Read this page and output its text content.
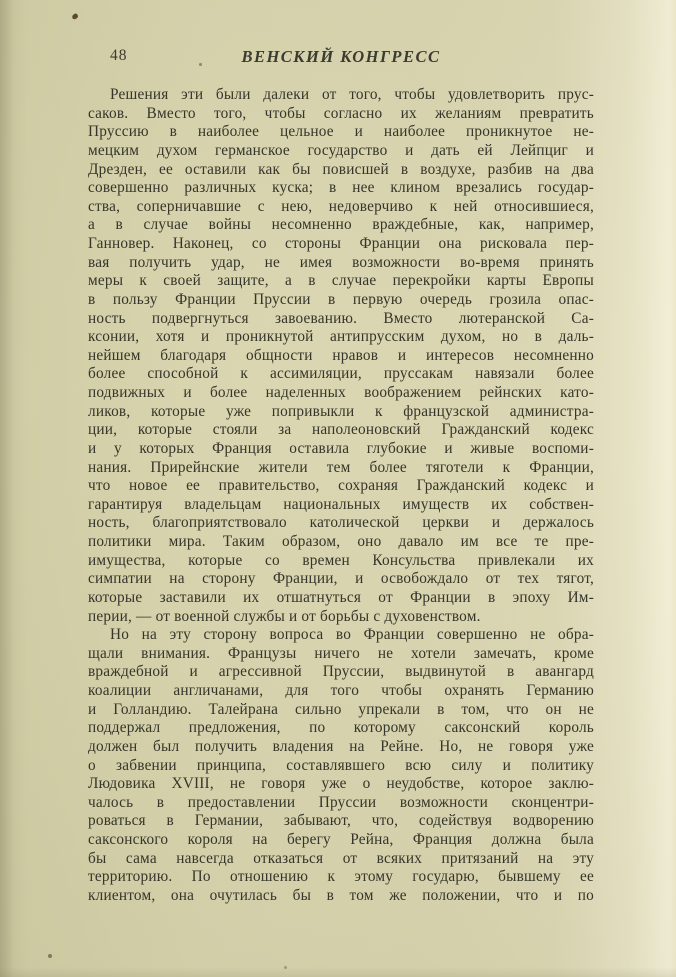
48	ВЕНСКИЙ КОНГРЕСС
Решения эти были далеки от того, чтобы удовлетворить прус-
саков. Вместо того, чтобы согласно их желаниям превратить
Пруссию в наиболее цельное и наиболее проникнутое не-
мецким духом германское государство и дать ей Лейпциг и
Дрезден, ее оставили как бы повисшей в воздухе, разбив на два
совершенно различных куска; в нее клином врезались государ-
ства, соперничавшие с нею, недоверчиво к ней относившиеся,
а в случае войны несомненно враждебные, как, например,
Ганновер. Наконец, со стороны Франции она рисковала пер-
вая получить удар, не имея возможности во-время принять
меры к своей защите, а в случае перекройки карты Европы
в пользу Франции Пруссии в первую очередь грозила опас-
ность подвергнуться завоеванию. Вместо лютеранской Са-
ксонии, хотя и проникнутой антипрусским духом, но в даль-
нейшем благодаря общности нравов и интересов несомненно
более способной к ассимиляции, пруссакам навязали более
подвижных и более наделенных воображением рейнских като-
ликов, которые уже попривыкли к французской администра-
ции, которые стояли за наполеоновский Гражданский кодекс
и у которых Франция оставила глубокие и живые воспоми-
нания. Прирейнские жители тем более тяготели к Франции,
что новое ее правительство, сохраняя Гражданский кодекс и
гарантируя владельцам национальных имуществ их собствен-
ность, благоприятствовало католической церкви и держалось
политики мира. Таким образом, оно давало им все те пре-
имущества, которые со времен Консульства привлекали их
симпатии на сторону Франции, и освобождало от тех тягот,
которые заставили их отшатнуться от Франции в эпоху Им-
перии, — от военной службы и от борьбы с духовенством.
Но на эту сторону вопроса во Франции совершенно не обра-
щали внимания. Французы ничего не хотели замечать, кроме
враждебной и агрессивной Пруссии, выдвинутой в авангард
коалиции англичанами, для того чтобы охранять Германию
и Голландию. Талейрана сильно упрекали в том, что он не
поддержал предложения, по которому саксонский король
должен был получить владения на Рейне. Но, не говоря уже
о забвении принципа, составлявшего всю силу и политику
Людовика XVIII, не говоря уже о неудобстве, которое заклю-
чалось в предоставлении Пруссии возможности сконцентри-
роваться в Германии, забывают, что, содействуя водворению
саксонского короля на берегу Рейна, Франция должна была
бы сама навсегда отказаться от всяких притязаний на эту
территорию. По отношению к этому государю, бывшему ее
клиентом, она очутилась бы в том же положении, что и по
